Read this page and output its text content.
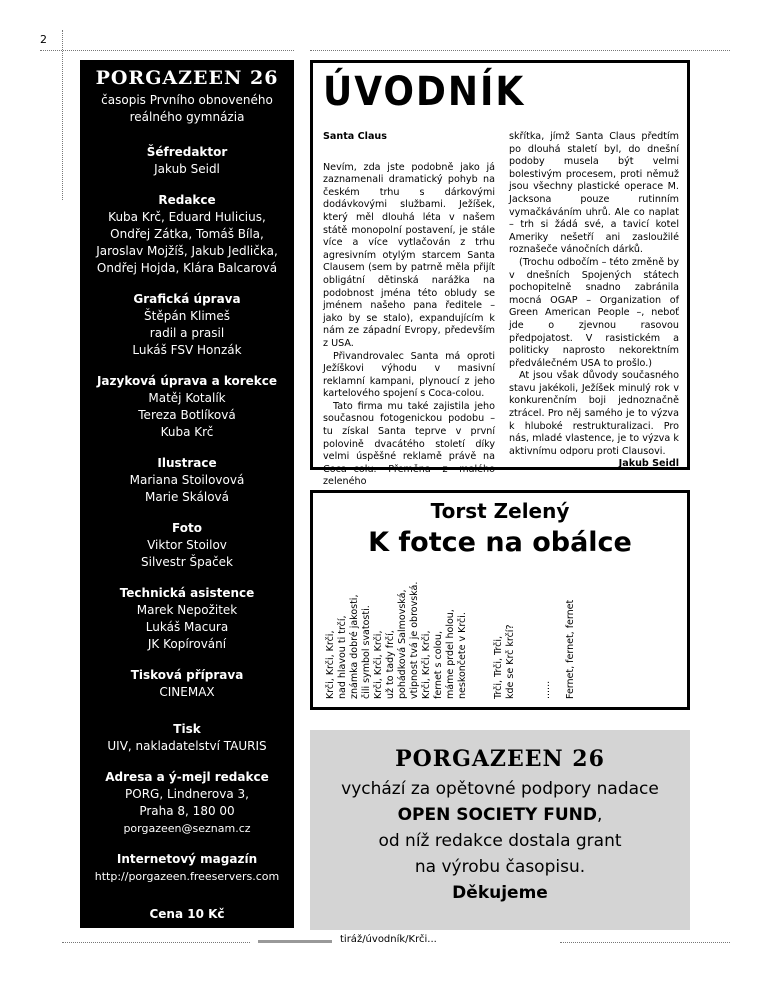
2
PORGAZEEN 26
časopis Prvního obnoveného
reálného gymnázia
Šéfredaktor
Jakub Seidl
Redakce
Kuba Krč, Eduard Hulicius,
Ondřej Zátka, Tomáš Bíla,
Jaroslav Mojžíš, Jakub Jedlička,
Ondřej Hojda, Klára Balcarová
Grafická úprava
Štěpán Klimeš
radil a prasil
Lukáš FSV Honzák
Jazyková úprava a korekce
Matěj Kotalík
Tereza Botlíková
Kuba Krč
Ilustrace
Mariana Stoilovová
Marie Skálová
Foto
Viktor Stoilov
Silvestr Špaček
Technická asistence
Marek Nepožitek
Lukáš Macura
JK Kopírování
Tisková příprava
CINEMAX
Tisk
UIV, nakladatelství TAURIS
Adresa a ý-mejl redakce
PORG, Lindnerova 3,
Praha 8, 180 00
porgazeen@seznam.cz
Internetový magazín
http://porgazeen.freeservers.com
Cena 10 Kč
ÚVODNÍK

Santa Claus

Nevím, zda jste podobně jako já zaznamenali dramatický pohyb na českém trhu s dárkovými dodávkovými službami. Ježíšek, který měl dlouhá léta v našem státě monopolní postavení, je stále více a více vytlačován z trhu agresivním otylým starcem Santa Clausem (sem by patrně měla přijít obligátní dětinská narážka na podobnost jména této obludy se jménem našeho pana ředitele – jako by se stalo), expandujícím k nám ze západní Evropy, především z USA.

Přivandrovalec Santa má oproti Ježíškovi výhodu v masivní reklamní kampani, plynoucí z jeho kartelového spojení s Coca-colou.

Tato firma mu také zajistila jeho současnou fotogenickou podobu – tu získal Santa teprve v první polovině dvacátého století díky velmi úspěšné reklamě právě na Coca--colu. Přeměna z malého zeleného

skřítka, jímž Santa Claus předtím po dlouhá staletí byl, do dnešní podoby musela být velmi bolestivým procesem, proti němuž jsou všechny plastické operace M. Jacksona pouze rutinním vymačkáváním uhrů. Ale co naplat – trh si žádá své, a tavicí kotel Ameriky nešetří ani zasloužilé roznašeče vánočních dárků.

(Trochu odbočím – této změně by v dnešních Spojených státech pochopitelně snadno zabránila mocná OGAP – Organization of Green American People –, neboť jde o zjevnou rasovou předpojatost. V rasistickém a politicky naprosto nekorektním předválečném USA to prošlo.)

At jsou však důvody současného stavu jakékoli, Ježíšek minulý rok v konkurenčním boji jednoznačně ztrácel. Pro něj samého je to výzva k hluboké restrukturalizaci. Pro nás, mladé vlastence, je to výzva k aktivnímu odporu proti Clausovi.

Jakub Seidl

Torst Zelený
K fotce na obálce
Krči, Krči, Krči,
nad hlavou ti trčí,
známka dobré jakosti,
čili symbol svatosti.
Krči, Krči, Krči,
už to tady frčí,
pohádková Salmovská,
vtipnost tvá je obrovská.
Krči, Krči, Krči,
fernet s colou,
máme prdel holou,
neskončete v Krči.
Trči, Trči, Trči,
kde se Krč krčí?
...... Fernet, fernet, fernet
PORGAZEEN 26
vychází za opětovné podpory nadace
OPEN SOCIETY FUND,
od níž redakce dostala grant
na výrobu časopisu.
Děkujeme
tiráž/úvodník/Krči...
